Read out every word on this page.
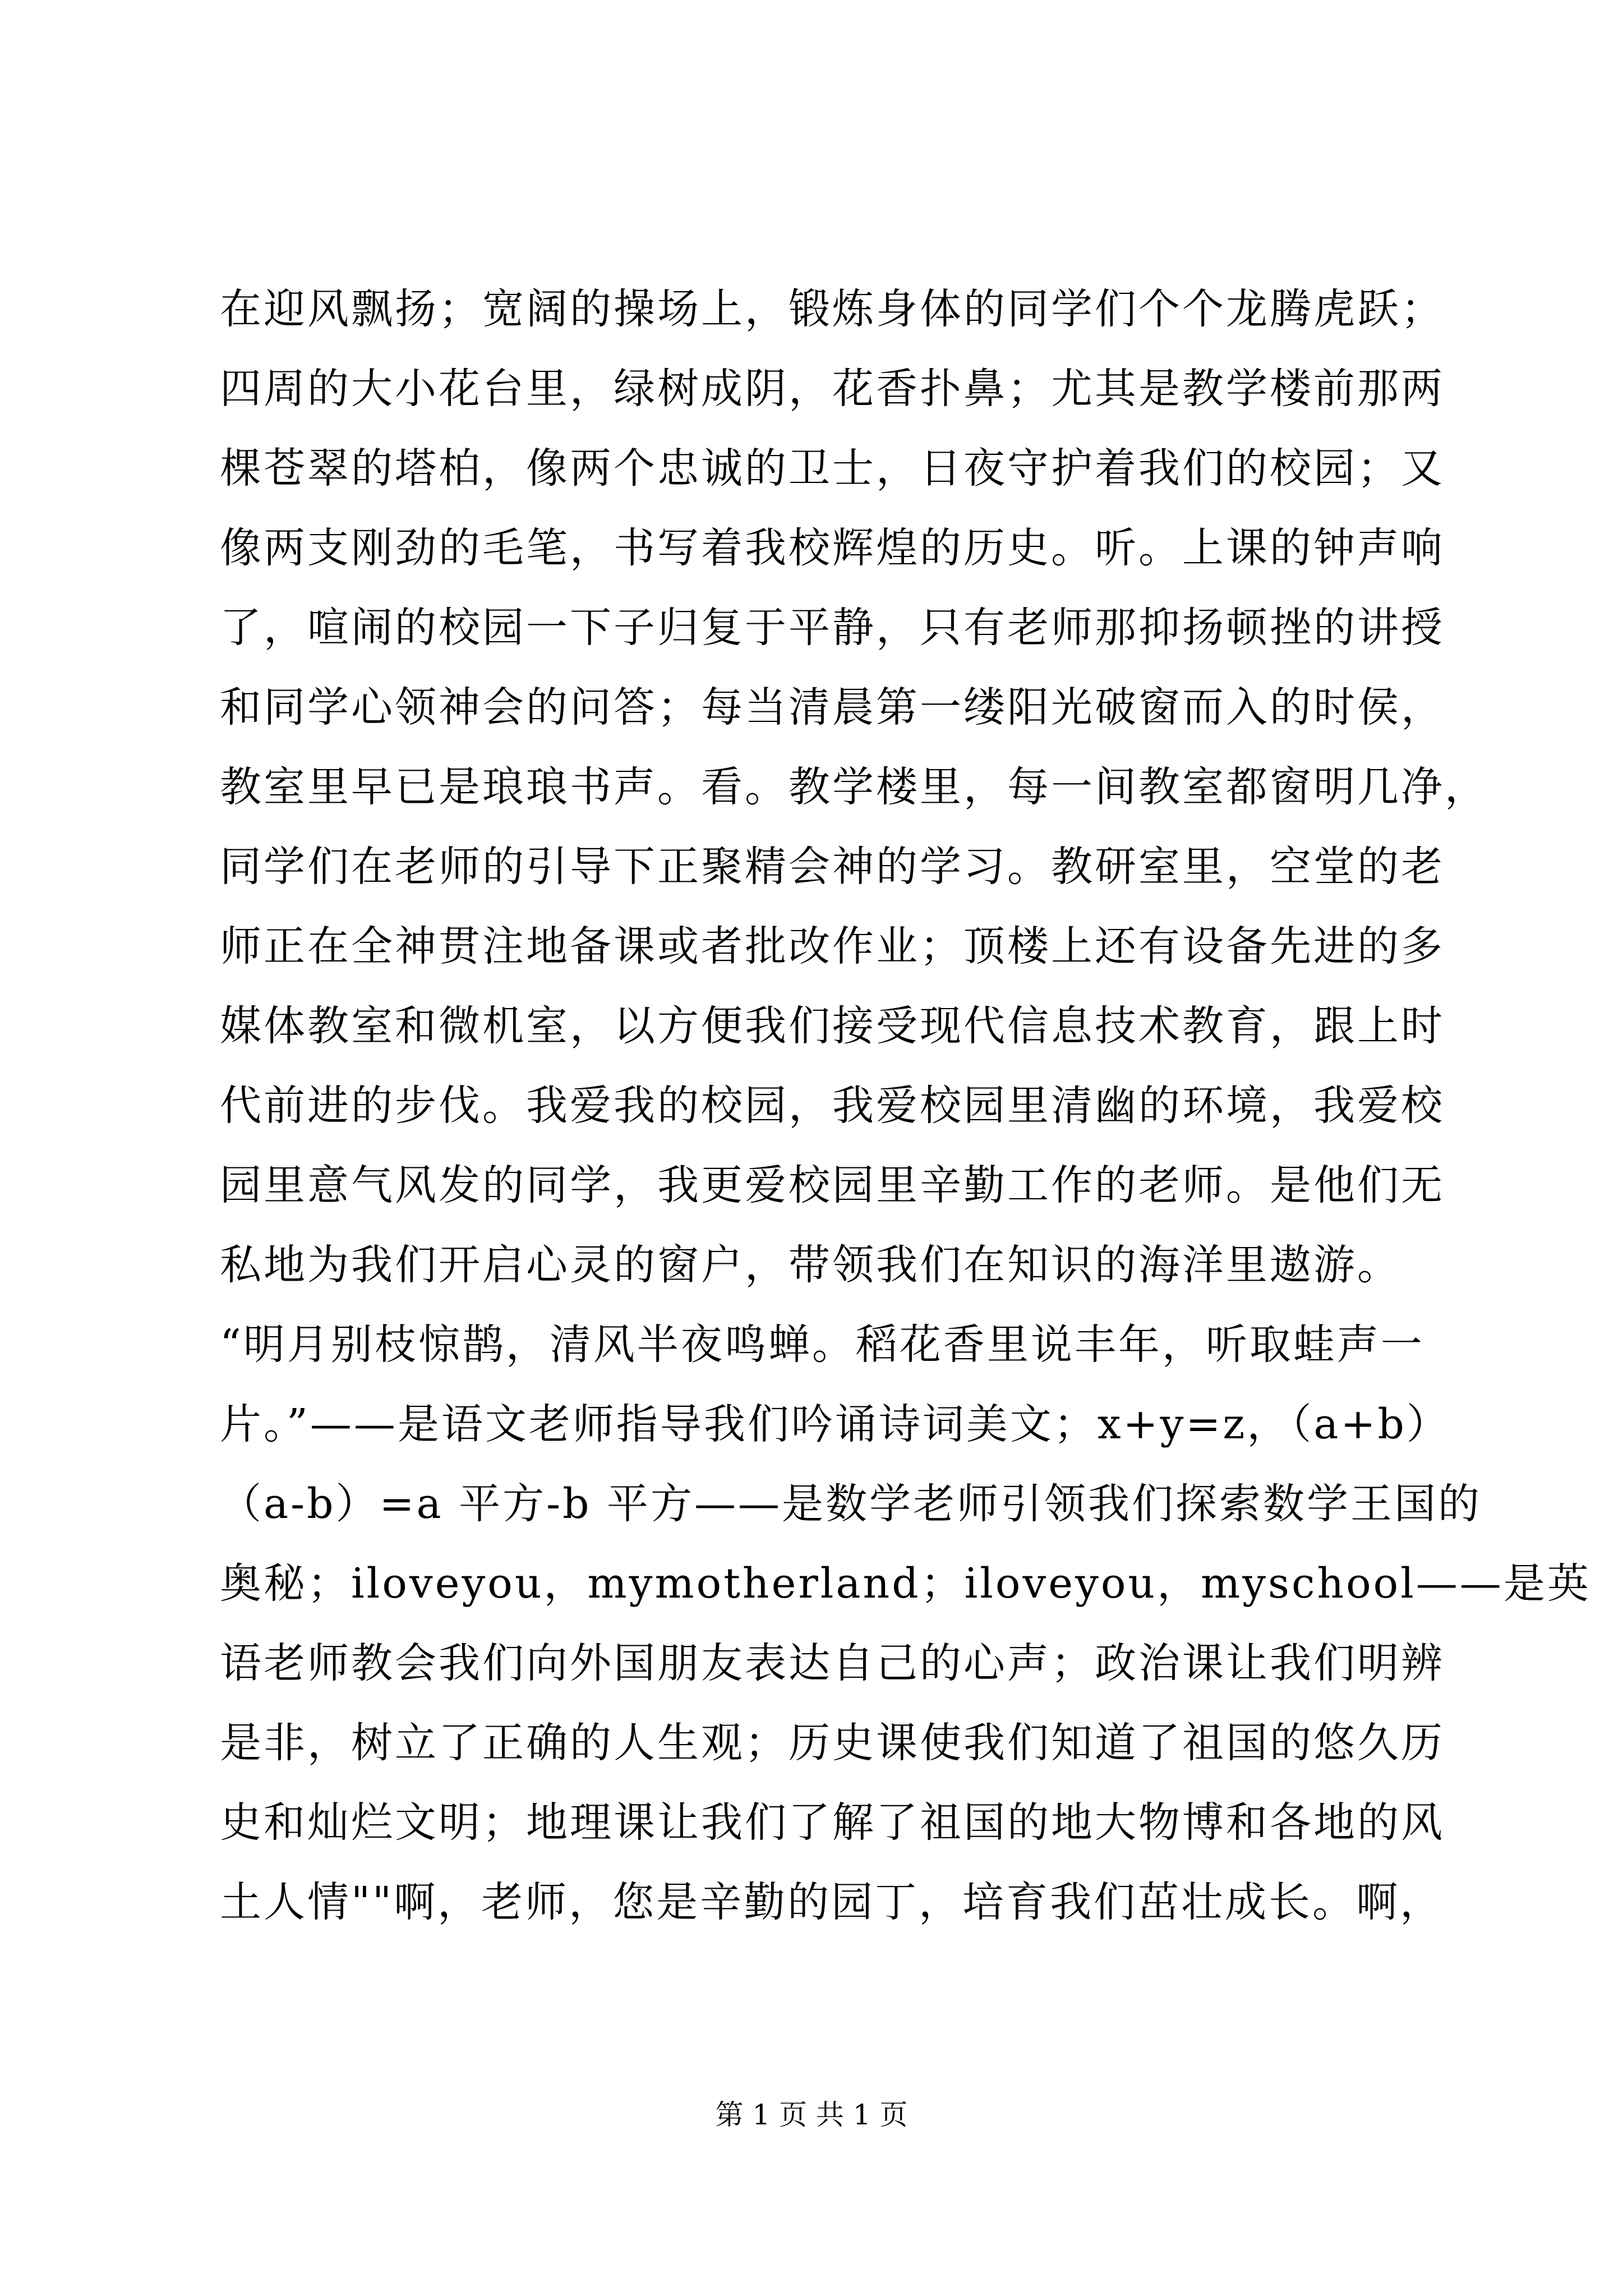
在迎风飘扬；宽阔的操场上，锻炼身体的同学们个个龙腾虎跃；
四周的大小花台里，绿树成阴，花香扑鼻；尤其是教学楼前那两
棵苍翠的塔柏，像两个忠诚的卫士，日夜守护着我们的校园；又
像两支刚劲的毛笔，书写着我校辉煌的历史。听。上课的钟声响
了，喧闹的校园一下子归复于平静，只有老师那抑扬顿挫的讲授
和同学心领神会的问答；每当清晨第一缕阳光破窗而入的时侯，
教室里早已是琅琅书声。看。教学楼里，每一间教室都窗明几净，
同学们在老师的引导下正聚精会神的学习。教研室里，空堂的老
师正在全神贯注地备课或者批改作业；顶楼上还有设备先进的多
媒体教室和微机室，以方便我们接受现代信息技术教育，跟上时
代前进的步伐。我爱我的校园，我爱校园里清幽的环境，我爱校
园里意气风发的同学，我更爱校园里辛勤工作的老师。是他们无
私地为我们开启心灵的窗户，带领我们在知识的海洋里遨游。
“明月别枝惊鹊，清风半夜鸣蝉。稻花香里说丰年，听取蛙声一
片。”——是语文老师指导我们吟诵诗词美文；x+y=z，（a+b）
（a-b）=a 平方-b 平方——是数学老师引领我们探索数学王国的
奥秘；iloveyou，mymotherland；iloveyou，myschool——是英
语老师教会我们向外国朋友表达自己的心声；政治课让我们明辨
是非，树立了正确的人生观；历史课使我们知道了祖国的悠久历
史和灿烂文明；地理课让我们了解了祖国的地大物博和各地的风
土人情""啊，老师，您是辛勤的园丁，培育我们茁壮成长。啊，
第 1 页 共 1 页
